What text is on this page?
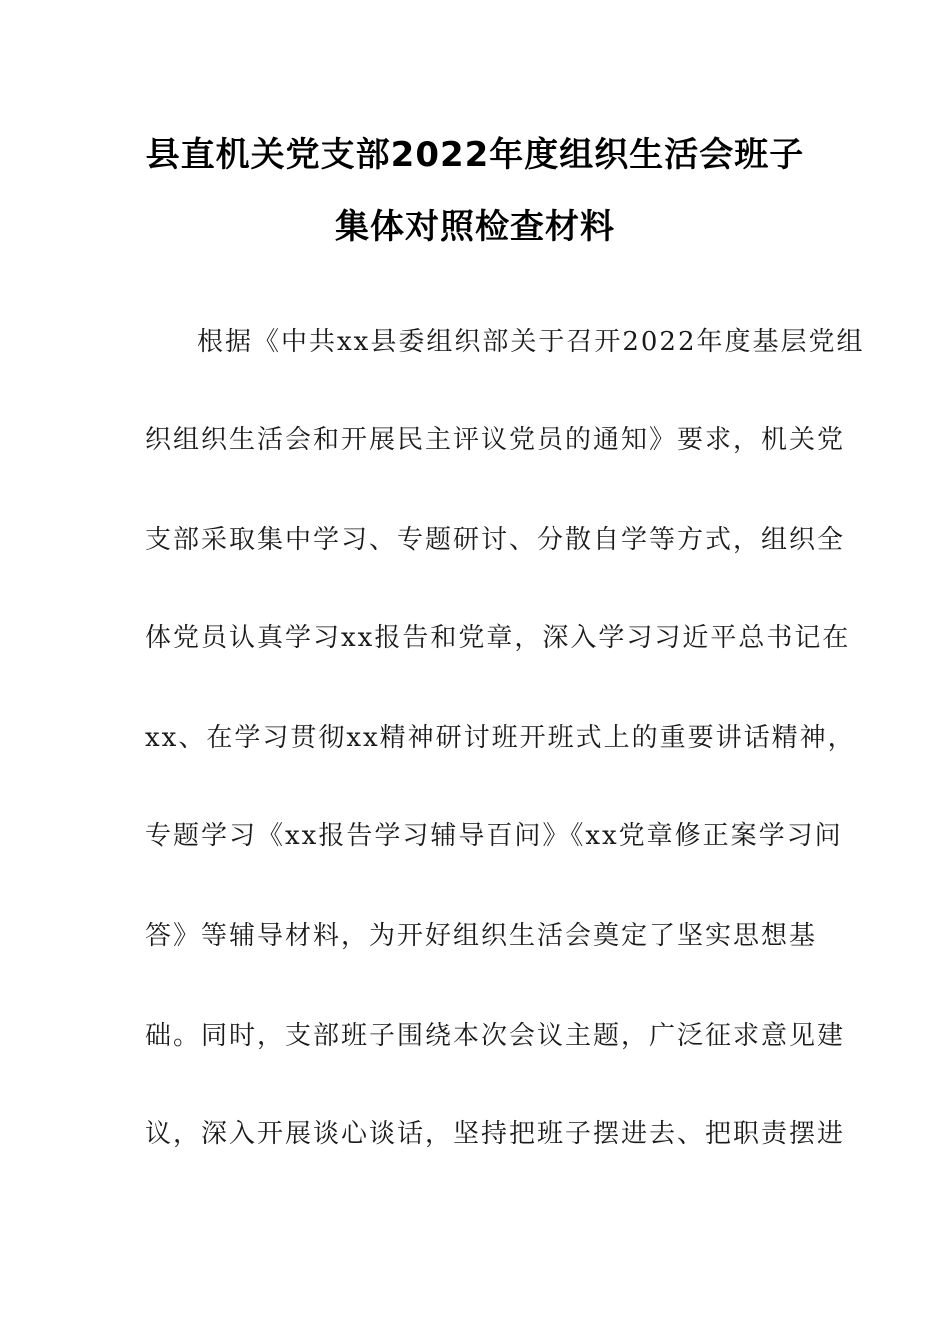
县直机关党支部2022年度组织生活会班子
集体对照检查材料
根据《中共xx县委组织部关于召开2022年度基层党组
织组织生活会和开展民主评议党员的通知》要求，机关党
支部采取集中学习、专题研讨、分散自学等方式，组织全
体党员认真学习xx报告和党章，深入学习习近平总书记在
xx、在学习贯彻xx精神研讨班开班式上的重要讲话精神，
专题学习《xx报告学习辅导百问》《xx党章修正案学习问
答》等辅导材料，为开好组织生活会奠定了坚实思想基
础。同时，支部班子围绕本次会议主题，广泛征求意见建
议，深入开展谈心谈话，坚持把班子摆进去、把职责摆进
